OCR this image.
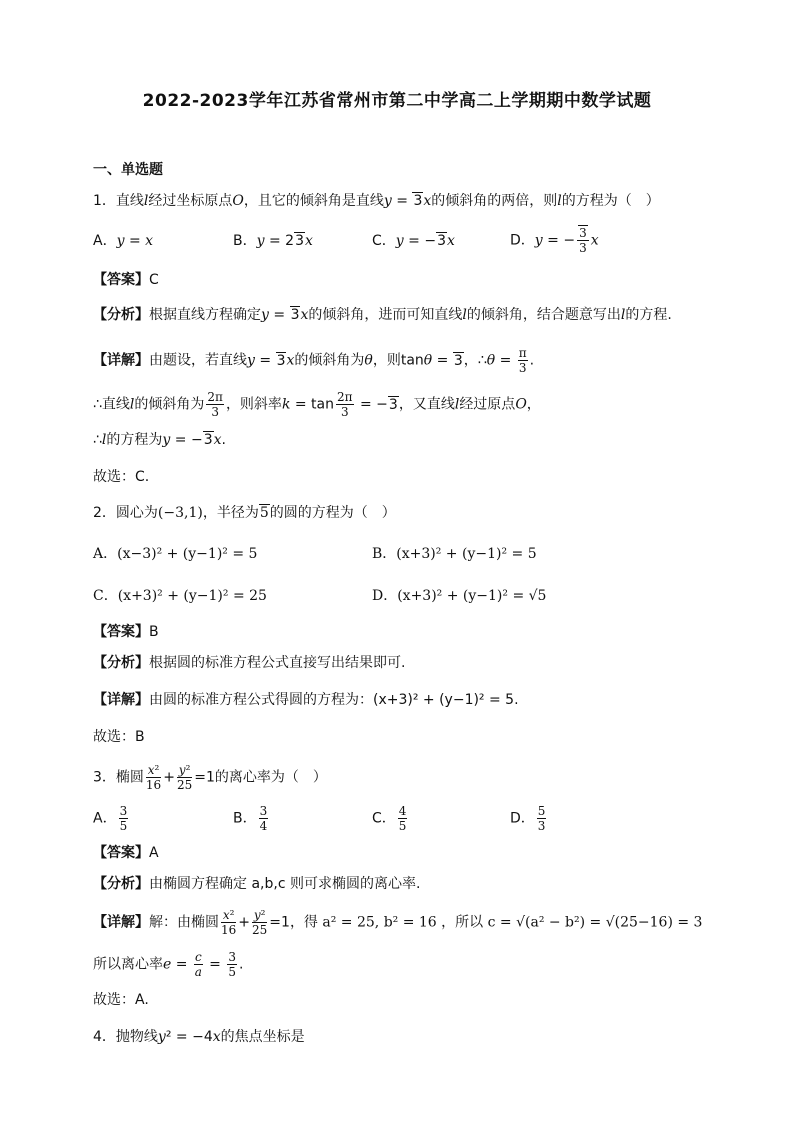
2022-2023学年江苏省常州市第二中学高二上学期期中数学试题
一、单选题
1．直线l经过坐标原点O，且它的倾斜角是直线y = 3x的倾斜角的两倍，则l的方程为（　）
A．y = x	B．y = 23x	C．y = −3x	D．y = − $\frac{3}{3}$ x
【答案】C
【分析】根据直线方程确定y = 3x的倾斜角，进而可知直线l的倾斜角，结合题意写出l的方程.
【详解】由题设，若直线y = 3x的倾斜角为θ，则tanθ = 3，∴θ = $\frac{\pi}{3}$ .
∴直线l的倾斜角为 $\frac{2\pi}{3}$ ，则斜率$k = \tan \frac{2\pi}{3} = -3$，又直线l经过原点O，
∴l的方程为y = −3x.
故选：C.
2．圆心为(−3,1)，半径为5的圆的方程为（　）
A．(x−3)² + (y−1)² = 5	B．(x+3)² + (y−1)² = 5
C．(x+3)² + (y−1)² = 25	D．(x+3)² + (y−1)² = √5
【答案】B
【分析】根据圆的标准方程公式直接写出结果即可.
【详解】由圆的标准方程公式得圆的方程为：(x+3)² + (y−1)² = 5.
故选：B
3．椭圆 $\frac{\text{x²}}{16} + \frac{\text{y²}}{25} =1$的离心率为（　）
A． $\frac{3}{5}$	B． $\frac{3}{4}$	C． $\frac{4}{5}$	D． $\frac{5}{3}$
【答案】A
【分析】由椭圆方程确定 a,b,c 则可求椭圆的离心率.
【详解】解：由椭圆 $\frac{\text{x²}}{16} + \frac{\text{y²}}{25} =1$，得 a² = 25, b² = 16 ，所以 c = √(a² − b²) = √(25−16) = 3
所以离心率$e = \frac{c}{a} = \frac{3}{5}$ .
故选：A.
4．抛物线y² = −4x的焦点坐标是
